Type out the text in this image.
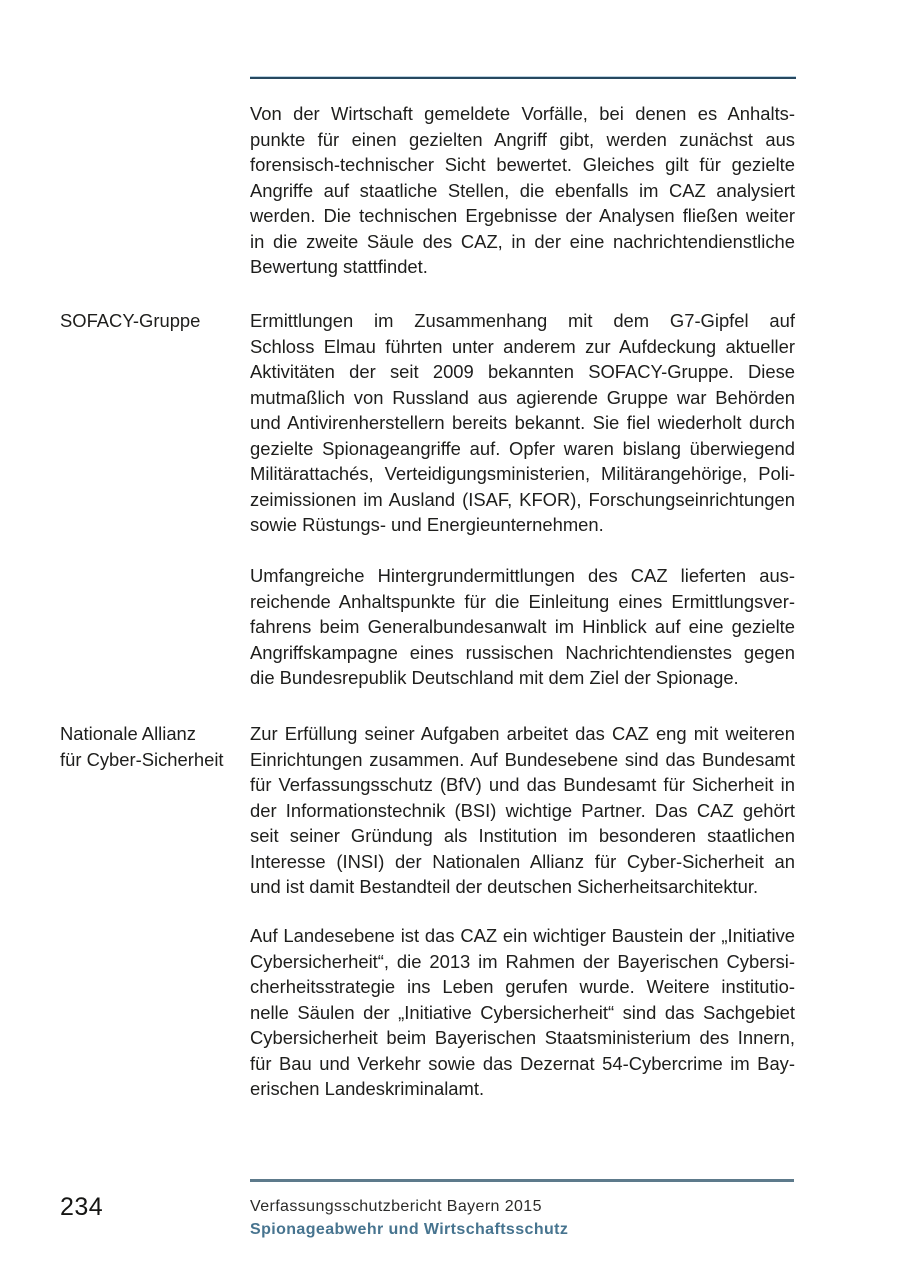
Von der Wirtschaft gemeldete Vorfälle, bei denen es Anhalts-
punkte für einen gezielten Angriff gibt, werden zunächst aus
forensisch-technischer Sicht bewertet. Gleiches gilt für gezielte
Angriffe auf staatliche Stellen, die ebenfalls im CAZ analysiert
werden. Die technischen Ergebnisse der Analysen fließen weiter
in die zweite Säule des CAZ, in der eine nachrichtendienstliche
Bewertung stattfindet.
SOFACY-Gruppe	Ermittlungen im Zusammenhang mit dem G7-Gipfel auf
Schloss Elmau führten unter anderem zur Aufdeckung aktueller
Aktivitäten der seit 2009 bekannten SOFACY-Gruppe. Diese
mutmaßlich von Russland aus agierende Gruppe war Behörden
und Antivirenherstellern bereits bekannt. Sie fiel wiederholt durch
gezielte Spionageangriffe auf. Opfer waren bislang überwiegend
Militärattachés, Verteidigungsministerien, Militärangehörige, Poli-
zeimissionen im Ausland (ISAF, KFOR), Forschungseinrichtungen
sowie Rüstungs- und Energieunternehmen.
Umfangreiche Hintergrundermittlungen des CAZ lieferten aus-
reichende Anhaltspunkte für die Einleitung eines Ermittlungsver-
fahrens beim Generalbundesanwalt im Hinblick auf eine gezielte
Angriffskampagne eines russischen Nachrichtendienstes gegen
die Bundesrepublik Deutschland mit dem Ziel der Spionage.
Nationale Allianz
für Cyber-Sicherheit
Zur Erfüllung seiner Aufgaben arbeitet das CAZ eng mit weiteren
Einrichtungen zusammen. Auf Bundesebene sind das Bundesamt
für Verfassungsschutz (BfV) und das Bundesamt für Sicherheit in
der Informationstechnik (BSI) wichtige Partner. Das CAZ gehört
seit seiner Gründung als Institution im besonderen staatlichen
Interesse (INSI) der Nationalen Allianz für Cyber-Sicherheit an
und ist damit Bestandteil der deutschen Sicherheitsarchitektur.
Auf Landesebene ist das CAZ ein wichtiger Baustein der „Initiative
Cybersicherheit“, die 2013 im Rahmen der Bayerischen Cybersi-
cherheitsstrategie ins Leben gerufen wurde. Weitere institutio-
nelle Säulen der „Initiative Cybersicherheit“ sind das Sachgebiet
Cybersicherheit beim Bayerischen Staatsministerium des Innern,
für Bau und Verkehr sowie das Dezernat 54-Cybercrime im Bay-
erischen Landeskriminalamt.
234	Verfassungsschutzbericht Bayern 2015
Spionageabwehr und Wirtschaftsschutz
